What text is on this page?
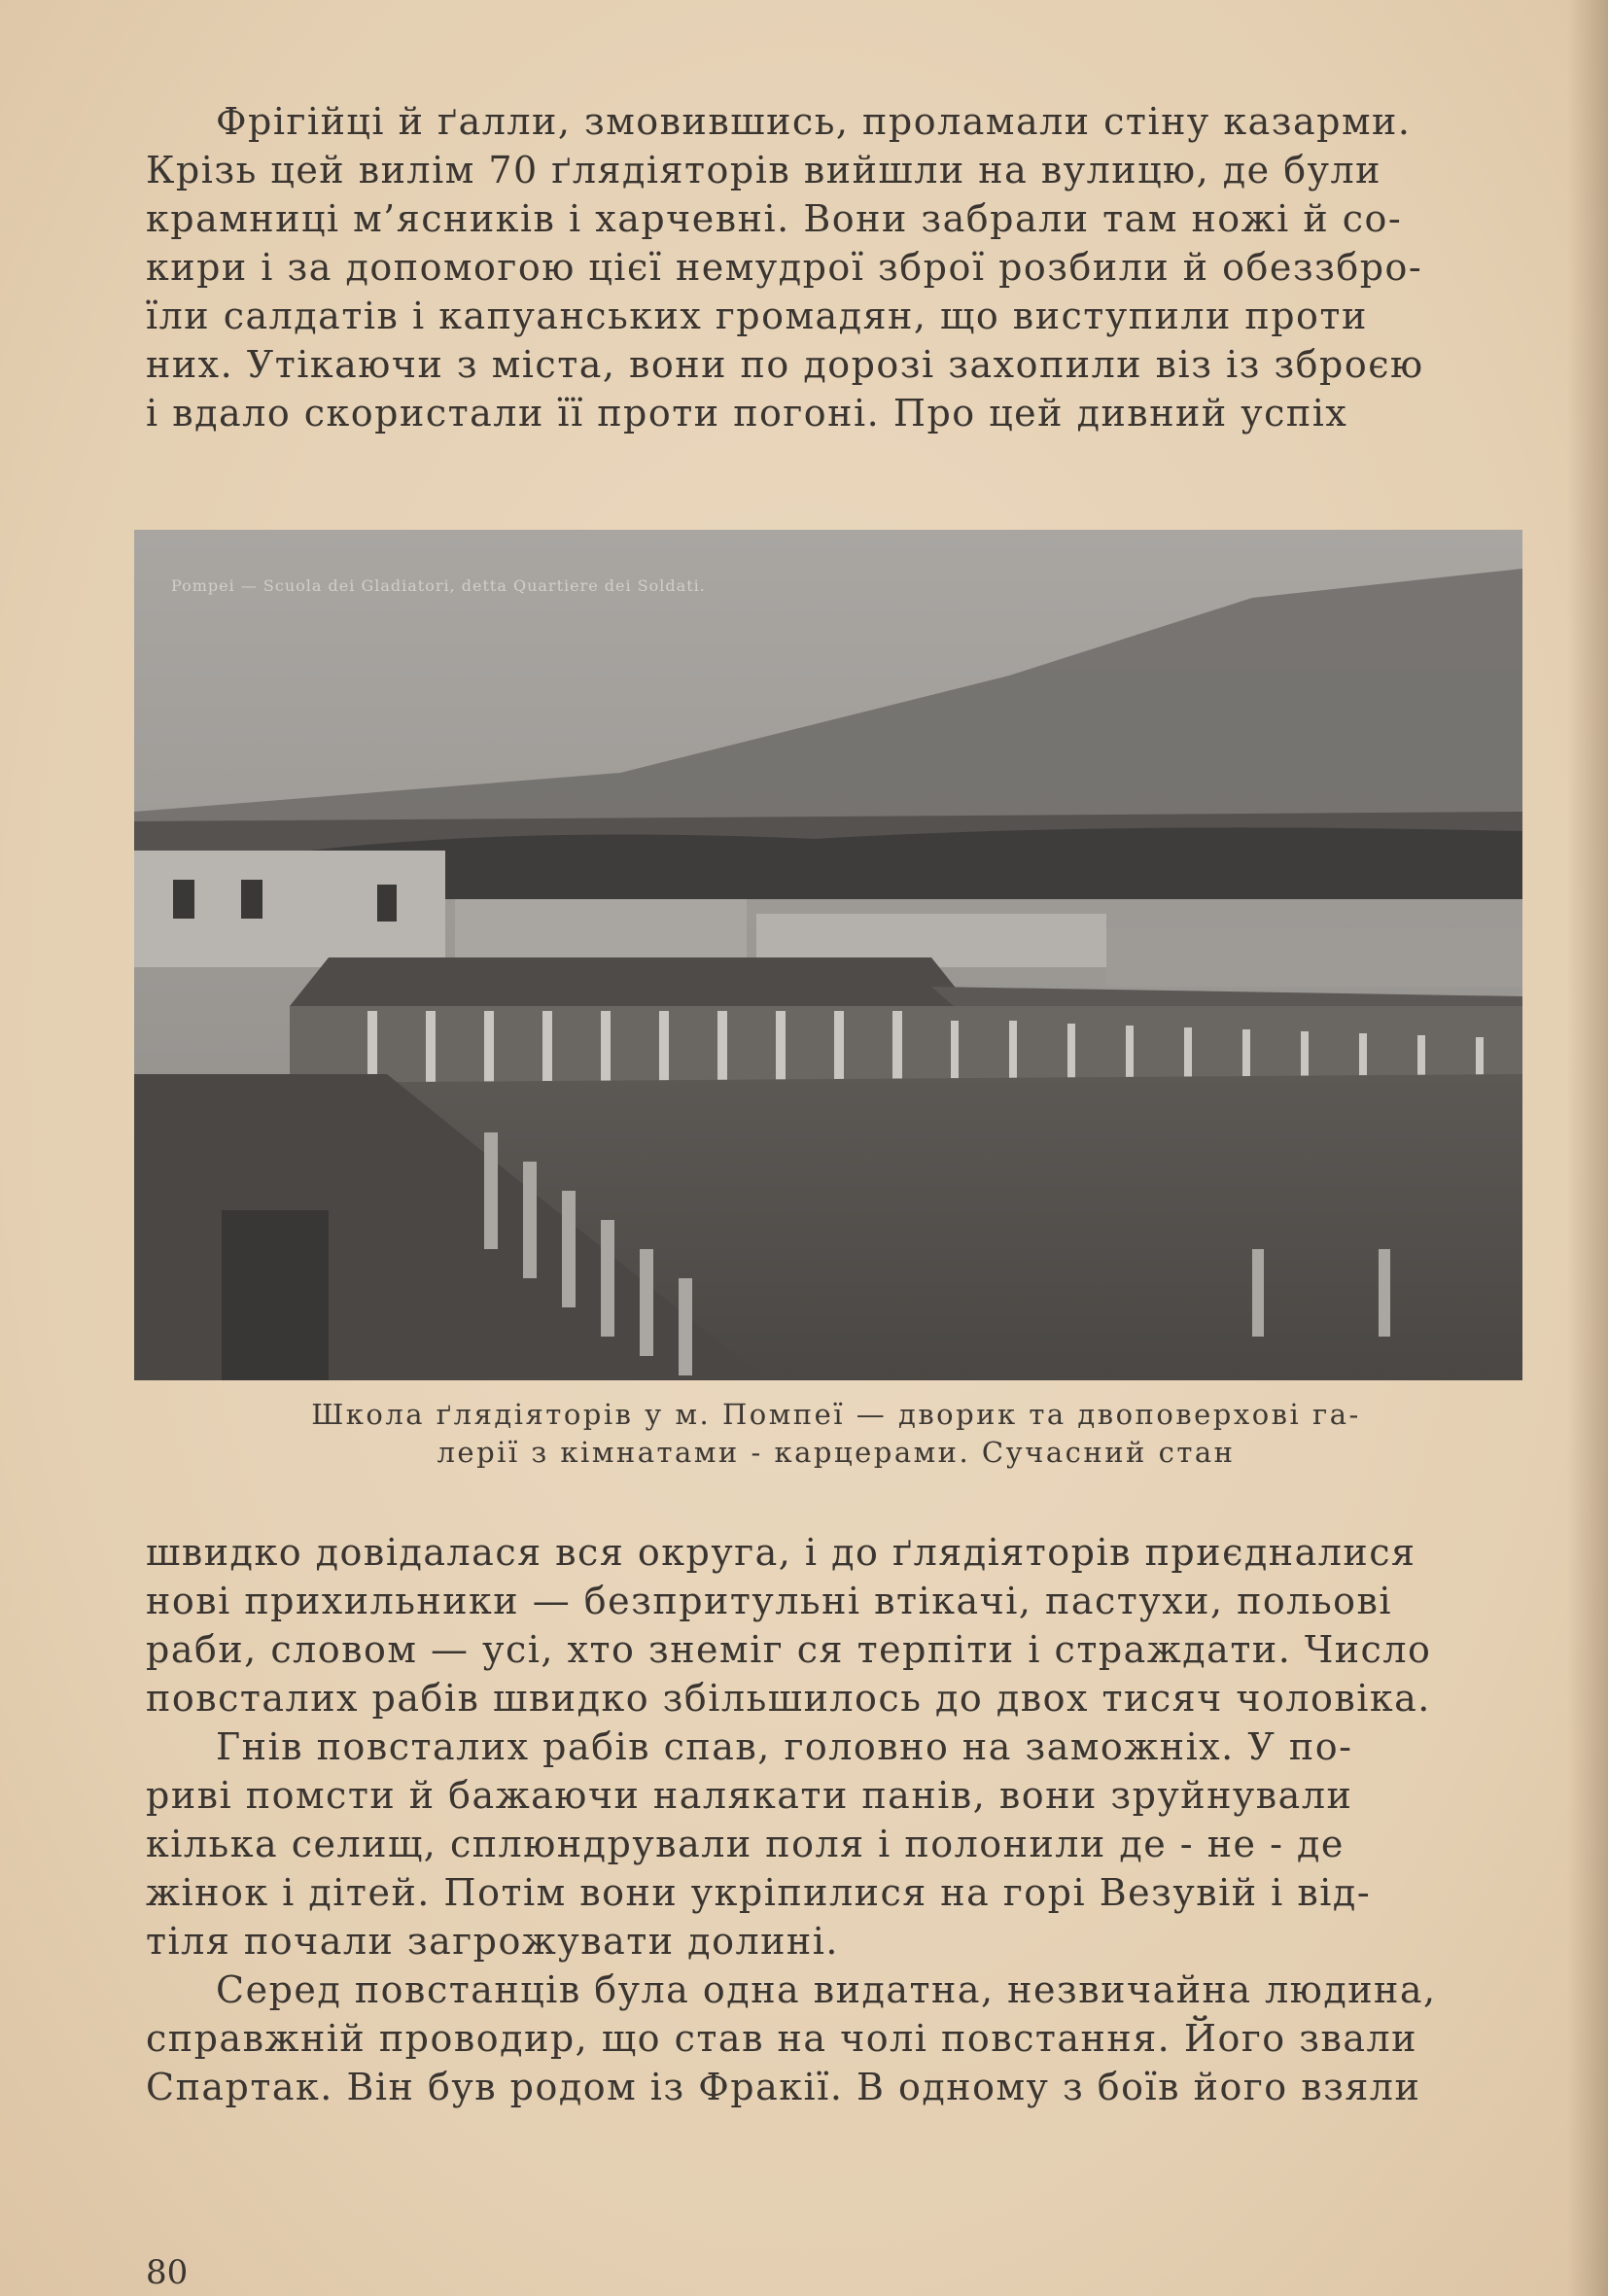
Фрігійці й ґалли, змовившись, проламали стіну казарми.

Крізь цей вилім 70 ґлядіяторів вийшли на вулицю, де були

крамниці м’ясників і харчевні. Вони забрали там ножі й со-

кири і за допомогою цієї немудрої зброї розбили й обеззбро-

їли салдатів і капуанських громадян, що виступили проти

них. Утікаючи з міста, вони по дорозі захопили віз із зброєю

і вдало скористали її проти погоні. Про цей дивний успіх

Pompei — Scuola dei Gladiatori, detta Quartiere dei Soldati.
Школа ґлядіяторів у м. Помпеї — дворик та двоповерхові га-
лерії з кімнатами - карцерами. Сучасний стан

швидко довідалася вся округа, і до ґлядіяторів приєдналися

нові прихильники — безпритульні втікачі, пастухи, польові

раби, словом — усі, хто знеміг ся терпіти і страждати. Число

повсталих рабів швидко збільшилось до двох тисяч чоловіка.

Гнів повсталих рабів спав, головно на заможніх. У по-

риві помсти й бажаючи налякати панів, вони зруйнували

кілька селищ, сплюндрували поля і полонили де - не - де

жінок і дітей. Потім вони укріпилися на горі Везувій і від-

тіля почали загрожувати долині.

Серед повстанців була одна видатна, незвичайна людина,

справжній проводир, що став на чолі повстання. Його звали

Спартак. Він був родом із Фракії. В одному з боїв його взяли

80
